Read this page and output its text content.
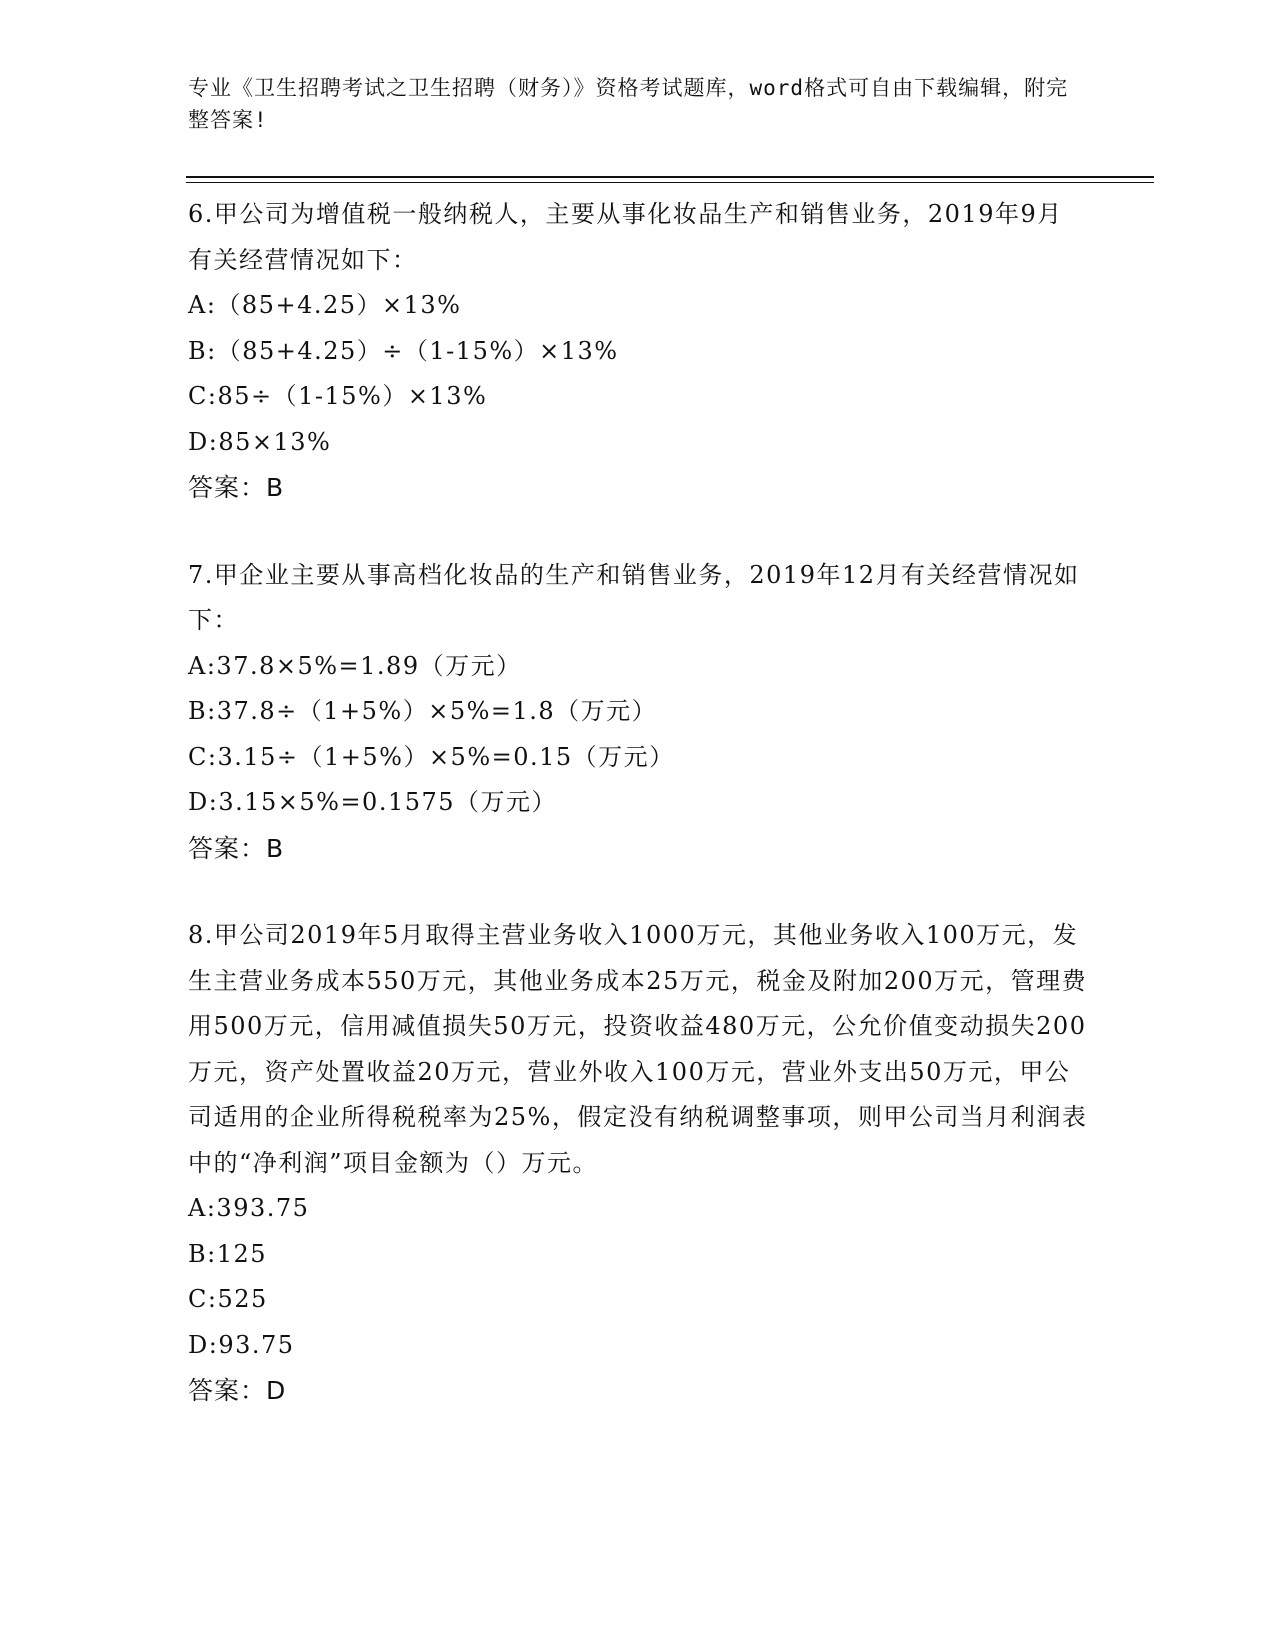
专业《卫生招聘考试之卫生招聘（财务）》资格考试题库，word格式可自由下载编辑，附完整答案!
6.甲公司为增值税一般纳税人，主要从事化妆品生产和销售业务，2019年9月有关经营情况如下：
A:（85+4.25）×13%
B:（85+4.25）÷（1-15%）×13%
C:85÷（1-15%）×13%
D:85×13%
答案：B
7.甲企业主要从事高档化妆品的生产和销售业务，2019年12月有关经营情况如下：
A:37.8×5%=1.89（万元）
B:37.8÷（1+5%）×5%=1.8（万元）
C:3.15÷（1+5%）×5%=0.15（万元）
D:3.15×5%=0.1575（万元）
答案：B
8.甲公司2019年5月取得主营业务收入1000万元，其他业务收入100万元，发生主营业务成本550万元，其他业务成本25万元，税金及附加200万元，管理费用500万元，信用减值损失50万元，投资收益480万元，公允价值变动损失200万元，资产处置收益20万元，营业外收入100万元，营业外支出50万元，甲公司适用的企业所得税税率为25%，假定没有纳税调整事项，则甲公司当月利润表中的“净利润”项目金额为（）万元。
A:393.75
B:125
C:525
D:93.75
答案：D
